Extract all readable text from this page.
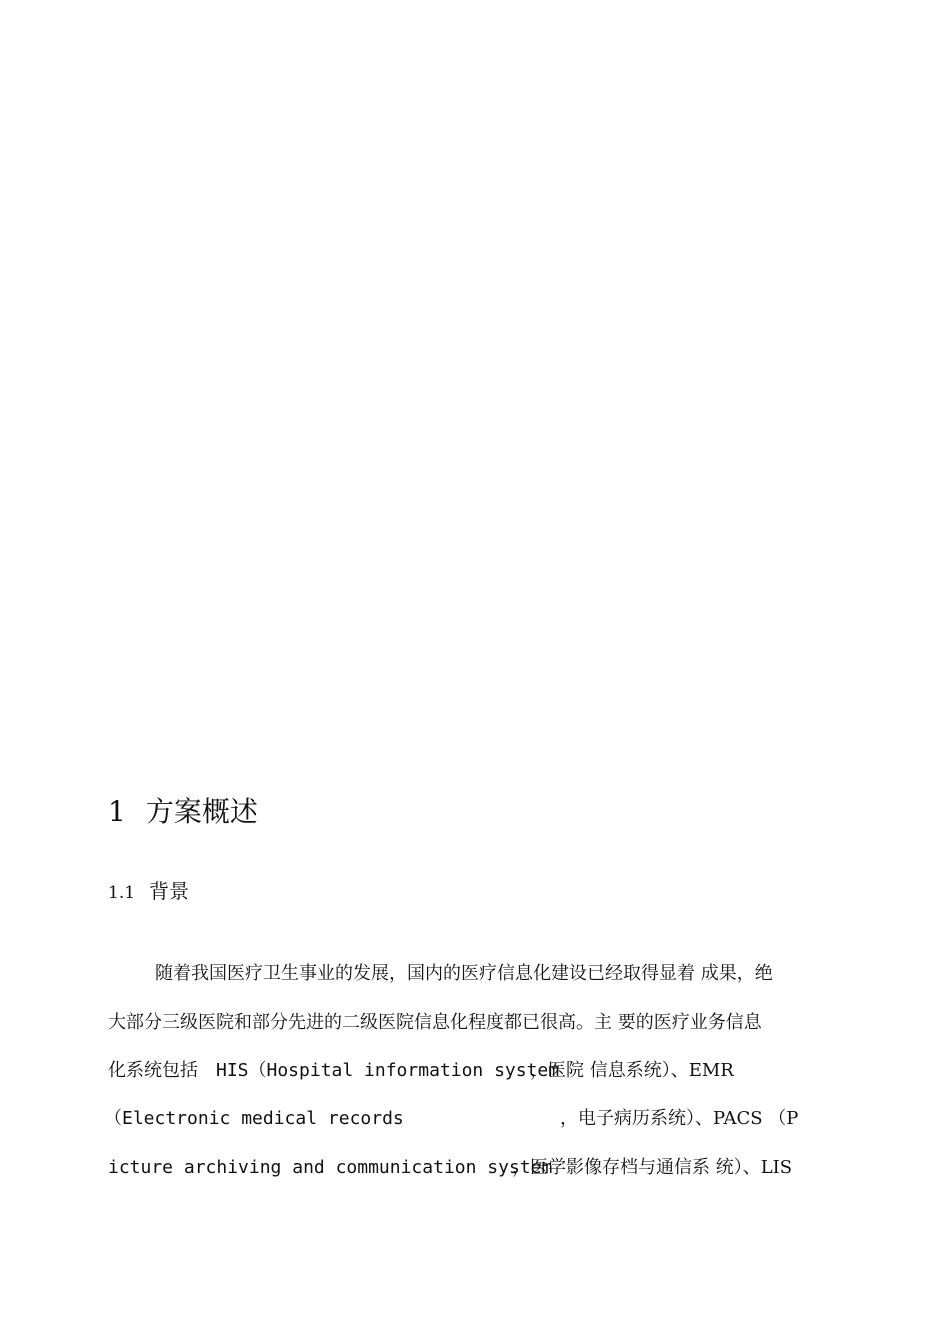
1 方案概述
1.1 背景
随着我国医疗卫生事业的发展，国内的医疗信息化建设已经取得显着 成果，绝
大部分三级医院和部分先进的二级医院信息化程度都已很高。主 要的医疗业务信息
化系统包括 HIS（Hospital information system
，医院 信息系统）、EMR
（Electronic medical records	，电子病历系统）、PACS （P
icture archiving and communication system
，医学影像存档与通信系 统）、LIS
